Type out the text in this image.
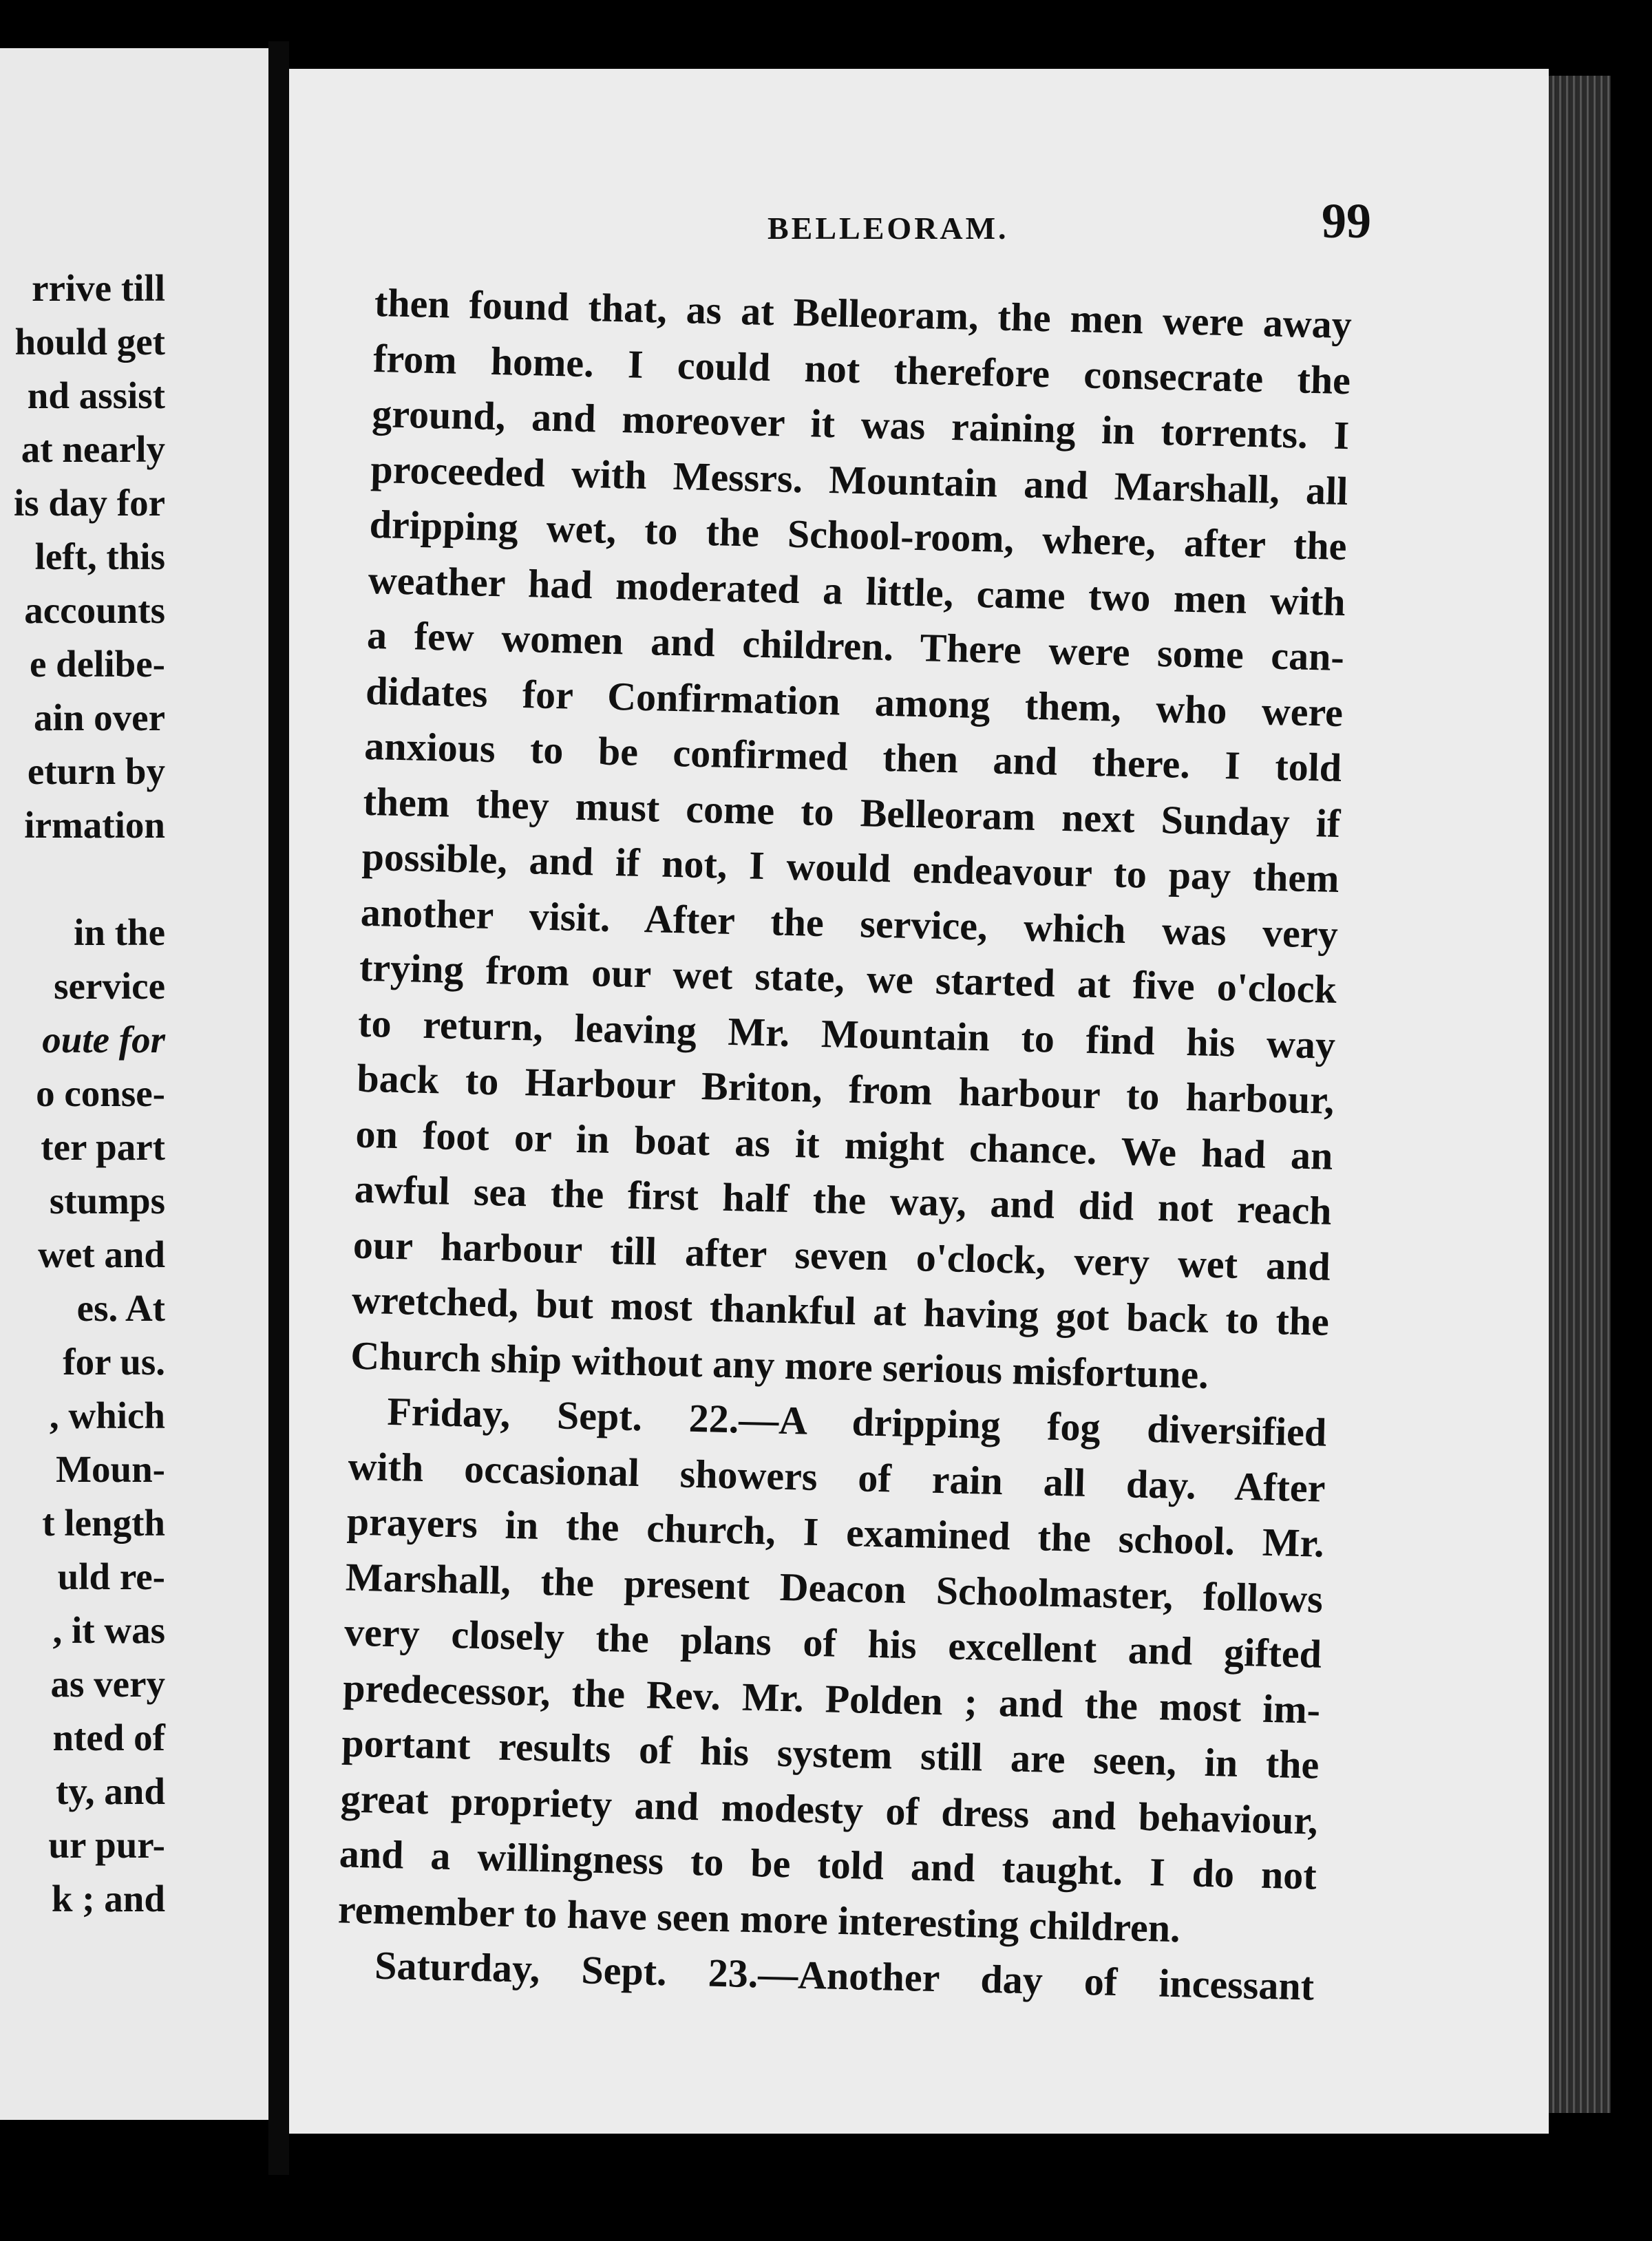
rrive till
hould get
nd assist
at nearly
is day for
left, this
accounts
e delibe-
ain over
eturn by
irmation

in the
service
oute for
o conse-
ter part
stumps
wet and
es. At
for us.
, which
Moun-
t length
uld re-
, it was
as very
nted of
ty, and
ur pur-
k ; and
BELLEORAM.	99
then found that, as at Belleoram, the men were away
from home. I could not therefore consecrate the
ground, and moreover it was raining in torrents. I
proceeded with Messrs. Mountain and Marshall, all
dripping wet, to the School-room, where, after the
weather had moderated a little, came two men with
a few women and children. There were some can-
didates for Confirmation among them, who were
anxious to be confirmed then and there. I told
them they must come to Belleoram next Sunday if
possible, and if not, I would endeavour to pay them
another visit. After the service, which was very
trying from our wet state, we started at five o'clock
to return, leaving Mr. Mountain to find his way
back to Harbour Briton, from harbour to harbour,
on foot or in boat as it might chance. We had an
awful sea the first half the way, and did not reach
our harbour till after seven o'clock, very wet and
wretched, but most thankful at having got back to the
Church ship without any more serious misfortune.
Friday, Sept. 22.—A dripping fog diversified
with occasional showers of rain all day. After
prayers in the church, I examined the school. Mr.
Marshall, the present Deacon Schoolmaster, follows
very closely the plans of his excellent and gifted
predecessor, the Rev. Mr. Polden ; and the most im-
portant results of his system still are seen, in the
great propriety and modesty of dress and behaviour,
and a willingness to be told and taught. I do not
remember to have seen more interesting children.
Saturday, Sept. 23.—Another day of incessant
